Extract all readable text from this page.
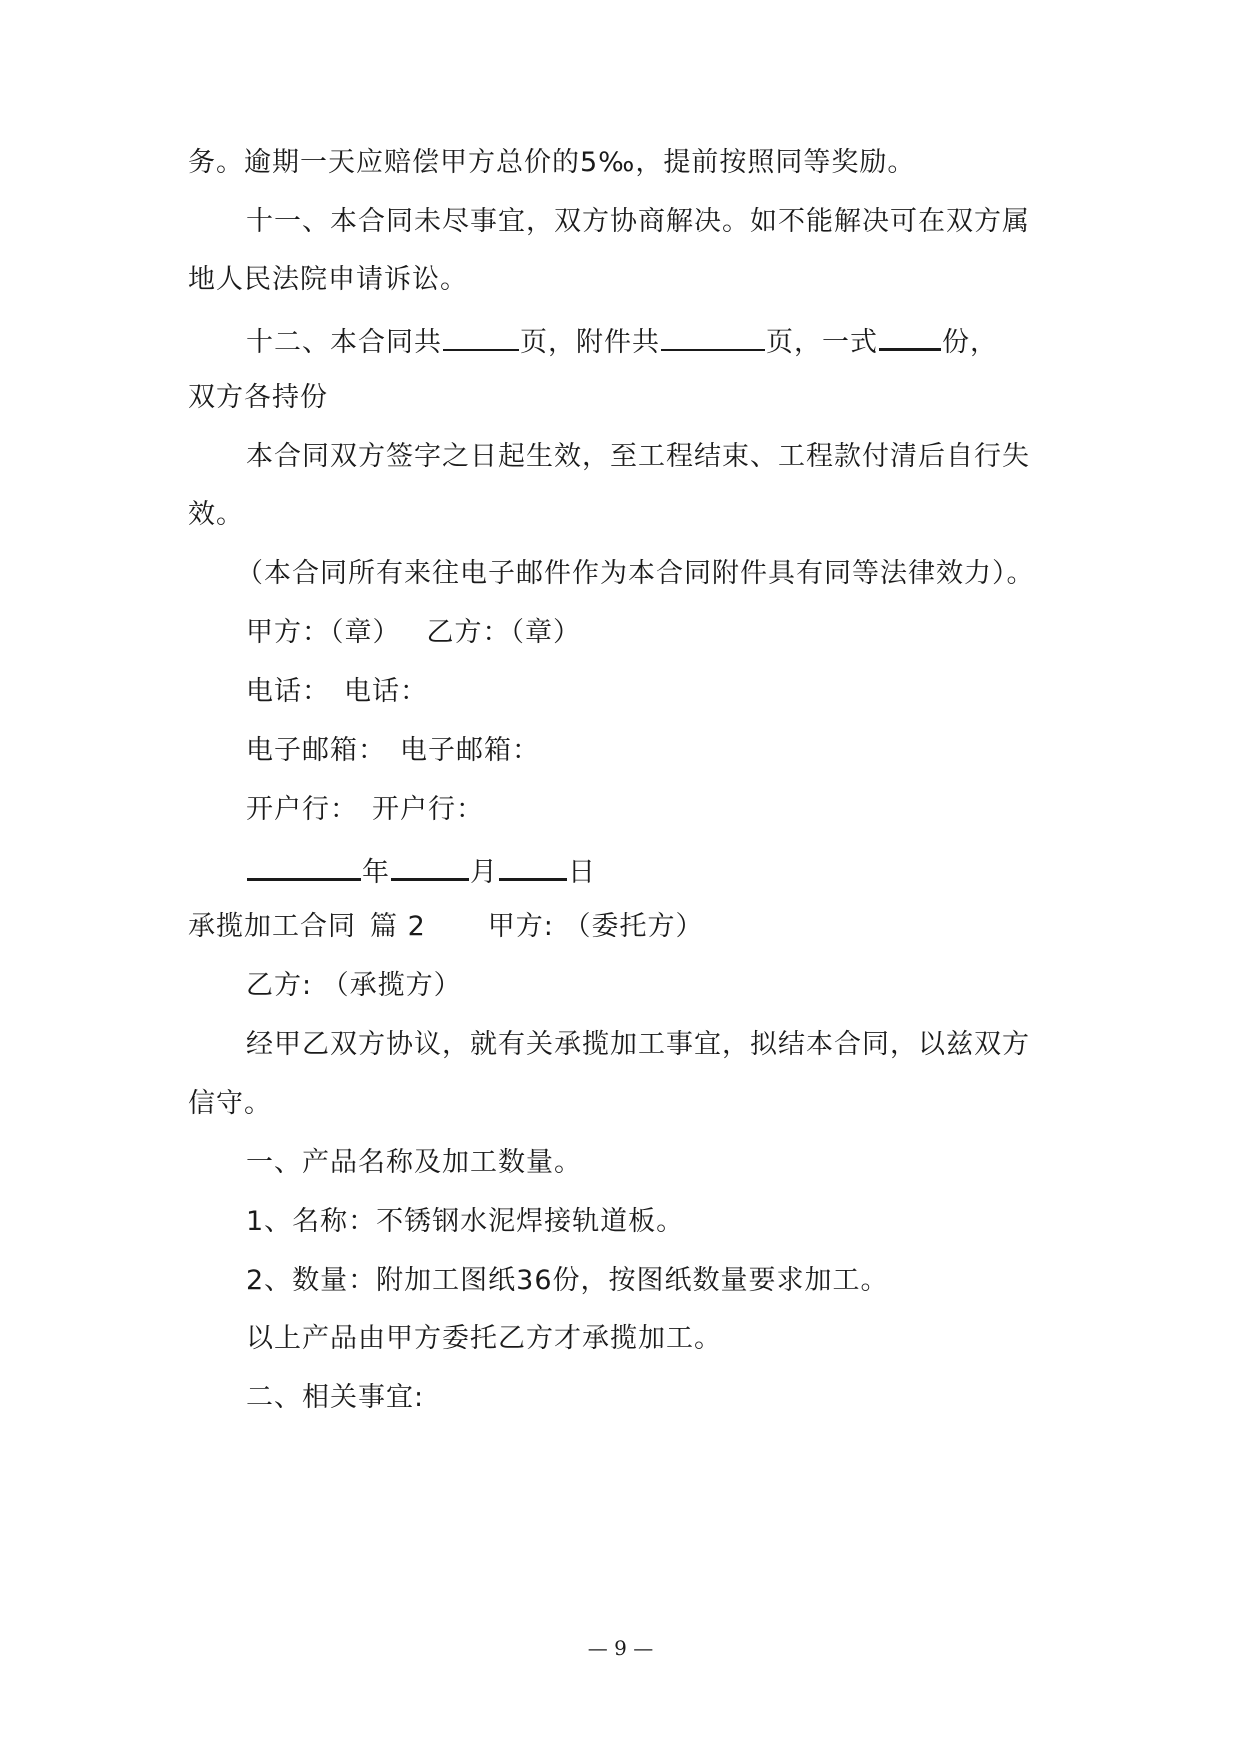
务。逾期一天应赔偿甲方总价的5‰，提前按照同等奖励。
十一、本合同未尽事宜，双方协商解决。如不能解决可在双方属
地人民法院申请诉讼。
十二、本合同共	页，附件共	页，一式 份，
双方各持份
本合同双方签字之日起生效，至工程结束、工程款付清后自行失
效。
（本合同所有来往电子邮件作为本合同附件具有同等法律效力）。
甲方：（章） 乙方：（章）
电话： 电话：
电子邮箱： 电子邮箱：
开户行： 开户行：
年	月	日
承揽加工合同 篇 2 甲方: （委托方）
乙方: （承揽方）
经甲乙双方协议，就有关承揽加工事宜，拟结本合同，以兹双方
信守。
一、产品名称及加工数量。
1、名称：不锈钢水泥焊接轨道板。
2、数量：附加工图纸36份，按图纸数量要求加工。
以上产品由甲方委托乙方才承揽加工。
二、相关事宜:
— 9 —
